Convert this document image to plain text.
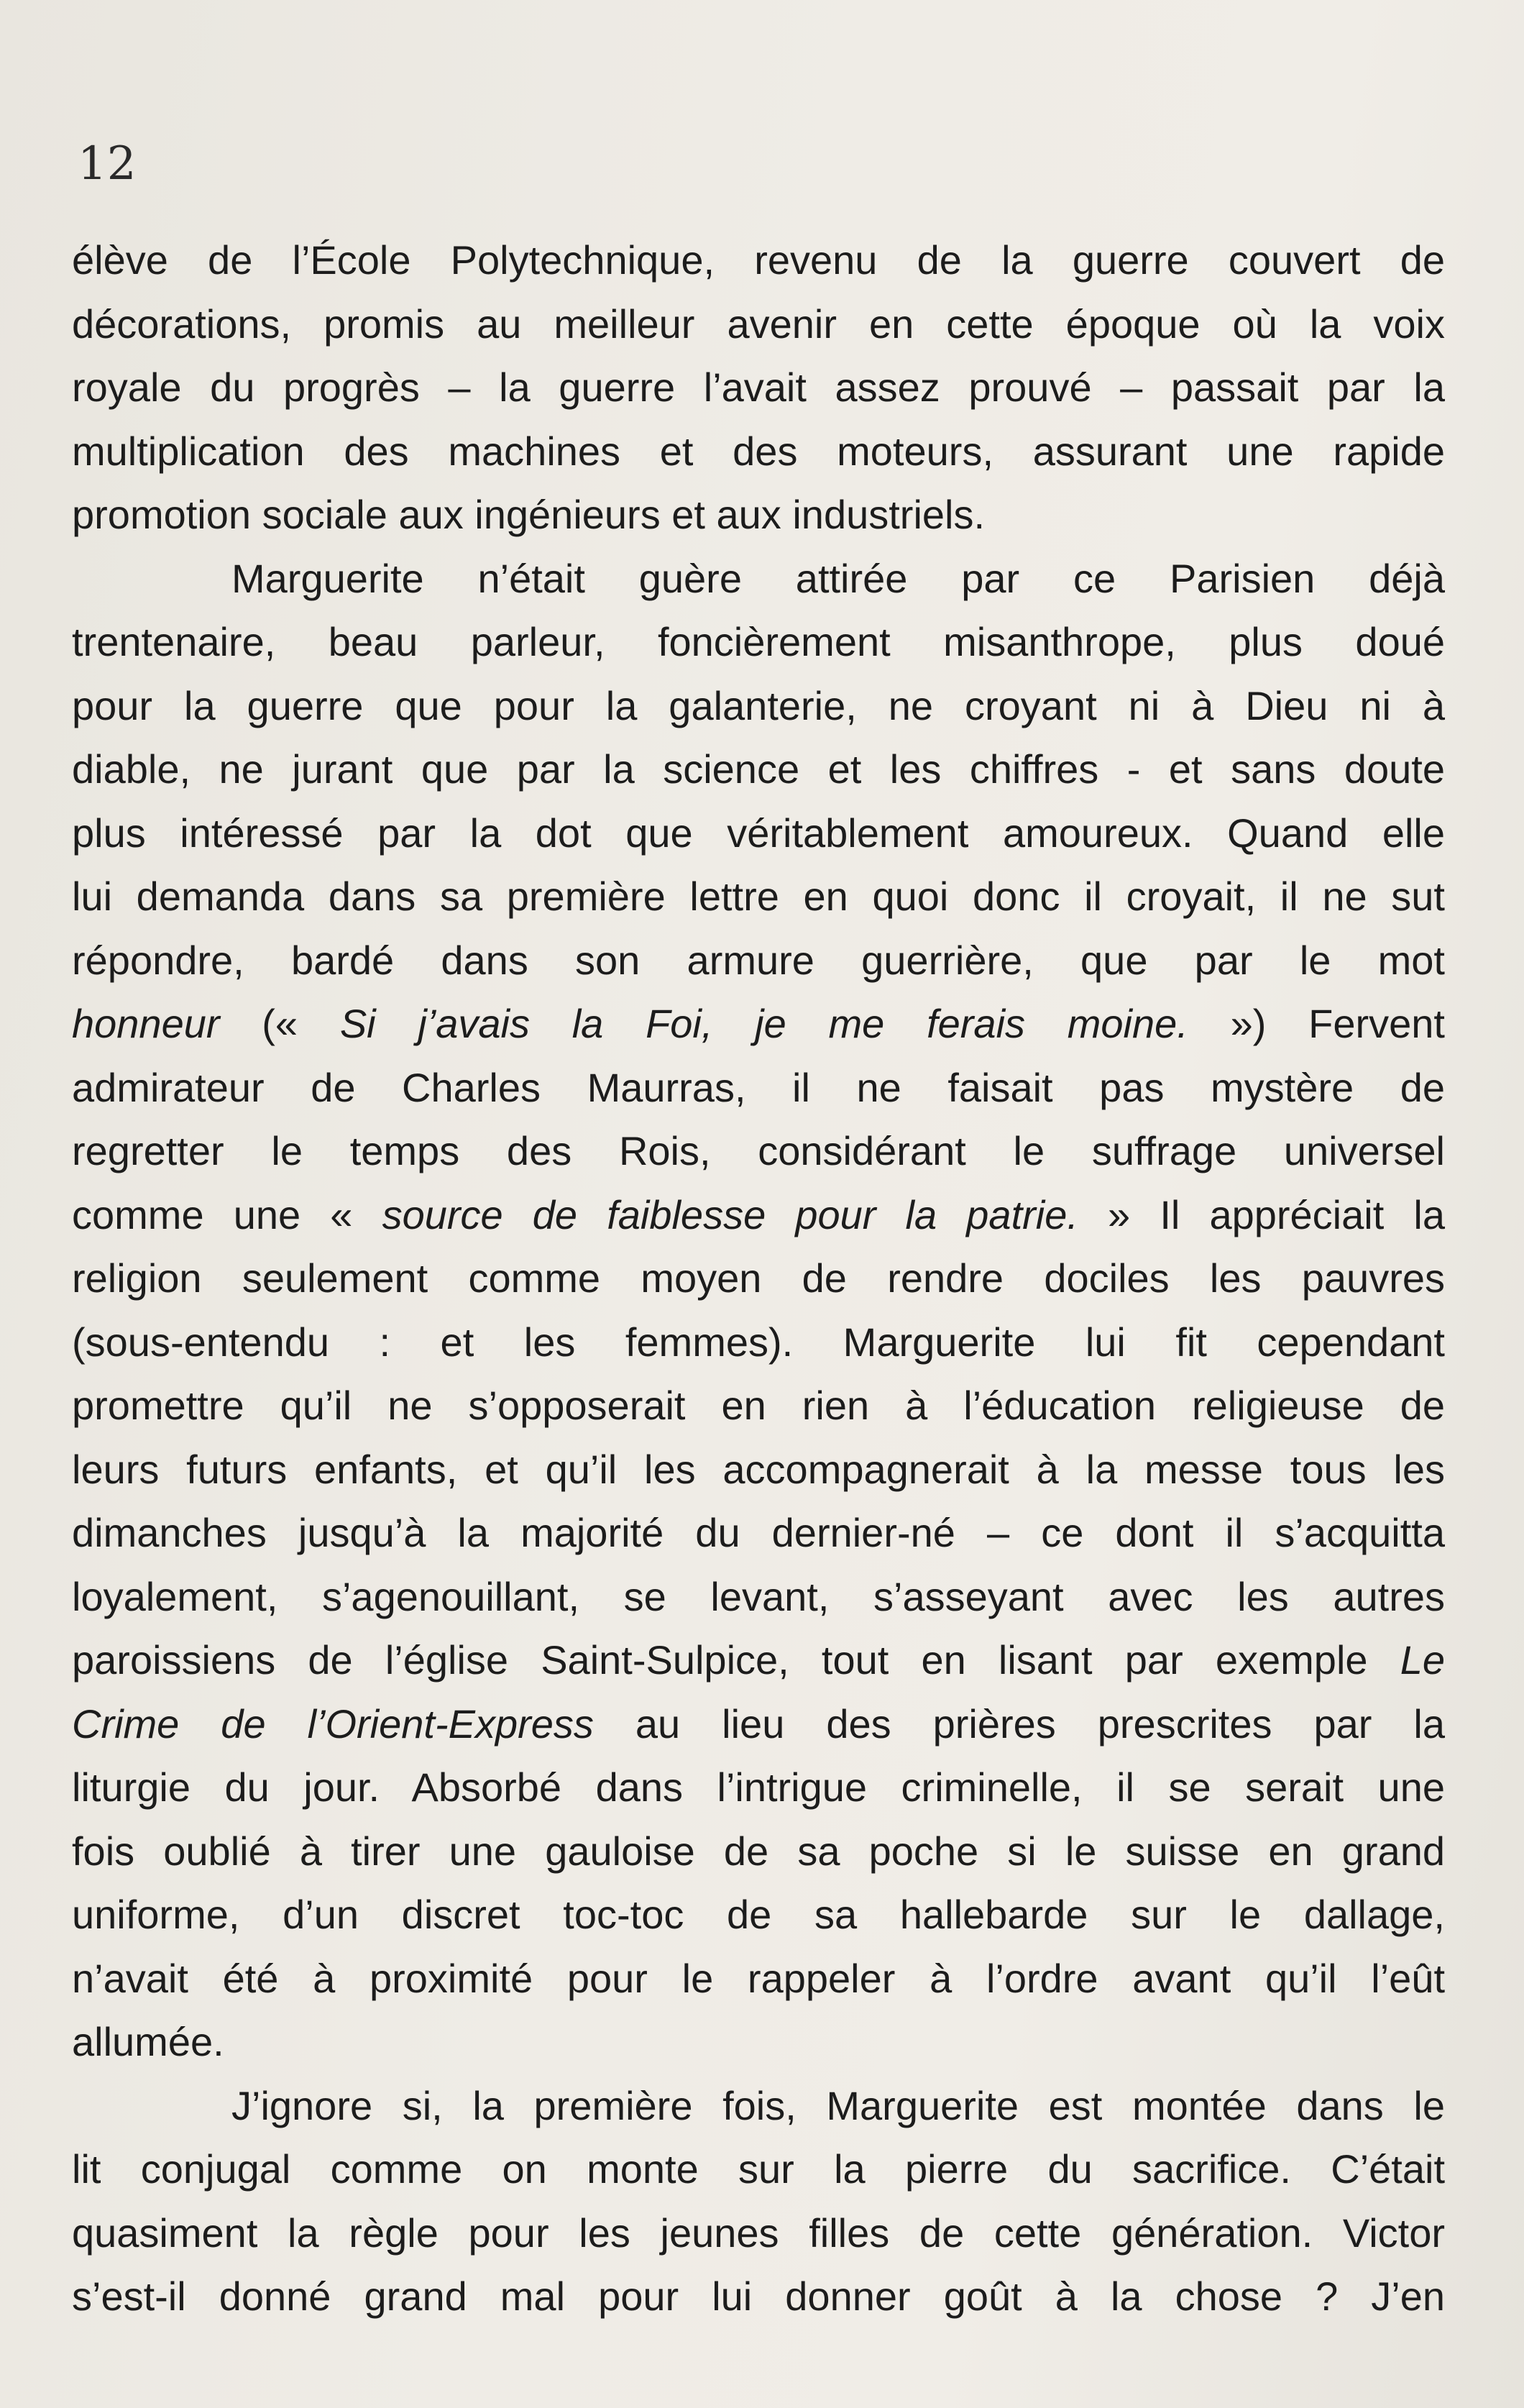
12
élève de l’École Polytechnique, revenu de la guerre couvert de
décorations, promis au meilleur avenir en cette époque où la voix
royale du progrès – la guerre l’avait assez prouvé – passait par la
multiplication des machines et des moteurs, assurant une rapide
promotion sociale aux ingénieurs et aux industriels.
Marguerite n’était guère attirée par ce Parisien déjà
trentenaire, beau parleur, foncièrement misanthrope, plus doué
pour la guerre que pour la galanterie, ne croyant ni à Dieu ni à
diable, ne jurant que par la science et les chiffres - et sans doute
plus intéressé par la dot que véritablement amoureux. Quand elle
lui demanda dans sa première lettre en quoi donc il croyait, il ne sut
répondre, bardé dans son armure guerrière, que par le mot
honneur (« Si j’avais la Foi, je me ferais moine. ») Fervent
admirateur de Charles Maurras, il ne faisait pas mystère de
regretter le temps des Rois, considérant le suffrage universel
comme une « source de faiblesse pour la patrie. » Il appréciait la
religion seulement comme moyen de rendre dociles les pauvres
(sous-entendu : et les femmes). Marguerite lui fit cependant
promettre qu’il ne s’opposerait en rien à l’éducation religieuse de
leurs futurs enfants, et qu’il les accompagnerait à la messe tous les
dimanches jusqu’à la majorité du dernier-né – ce dont il s’acquitta
loyalement, s’agenouillant, se levant, s’asseyant avec les autres
paroissiens de l’église Saint-Sulpice, tout en lisant par exemple Le
Crime de l’Orient-Express au lieu des prières prescrites par la
liturgie du jour. Absorbé dans l’intrigue criminelle, il se serait une
fois oublié à tirer une gauloise de sa poche si le suisse en grand
uniforme, d’un discret toc-toc de sa hallebarde sur le dallage,
n’avait été à proximité pour le rappeler à l’ordre avant qu’il l’eût
allumée.
J’ignore si, la première fois, Marguerite est montée dans le
lit conjugal comme on monte sur la pierre du sacrifice. C’était
quasiment la règle pour les jeunes filles de cette génération. Victor
s’est-il donné grand mal pour lui donner goût à la chose ? J’en
